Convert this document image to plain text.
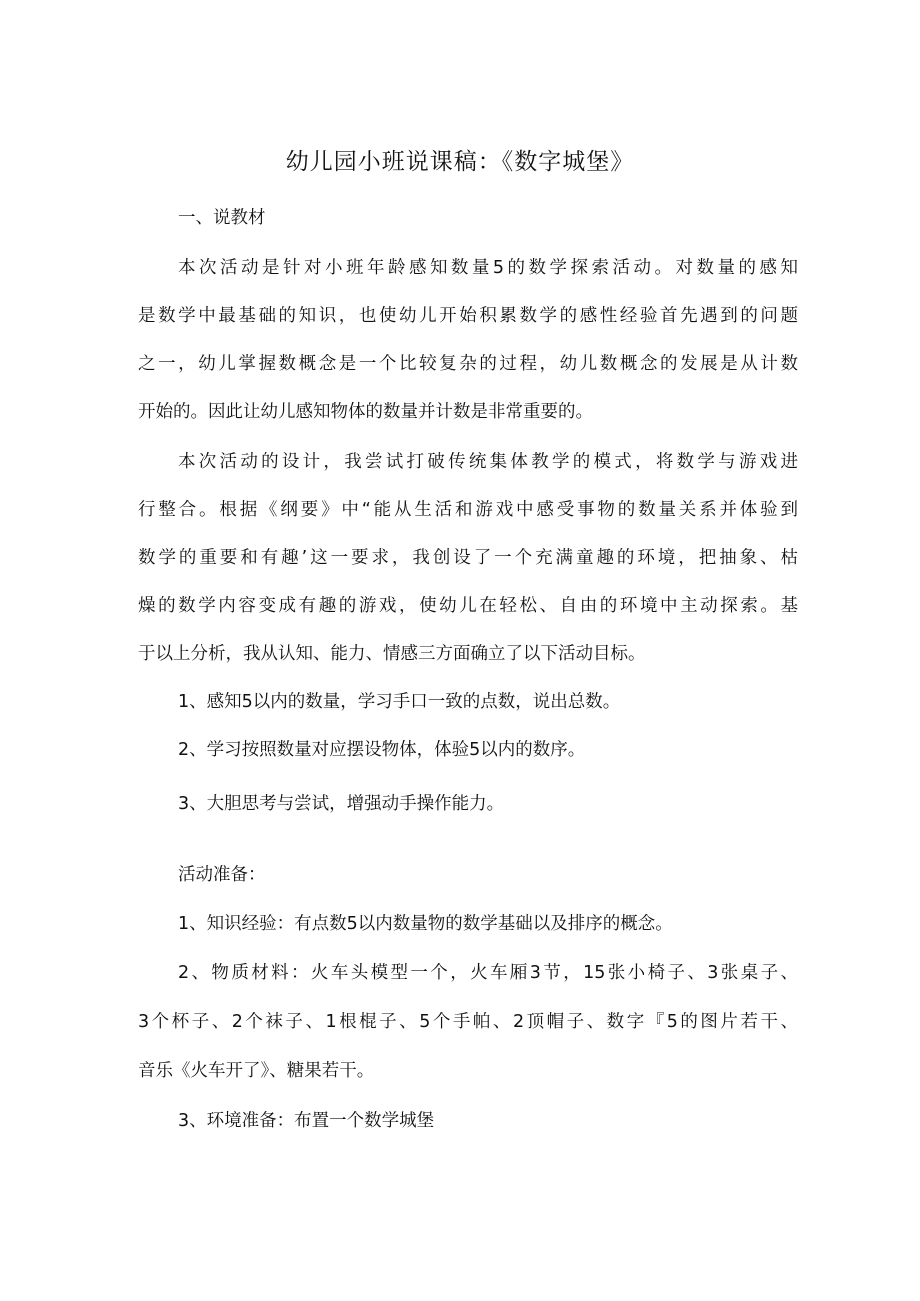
幼儿园小班说课稿：《数字城堡》
一、说教材
本次活动是针对小班年龄感知数量5的数学探索活动。对数量的感知
是数学中最基础的知识，也使幼儿开始积累数学的感性经验首先遇到的问题
之一，幼儿掌握数概念是一个比较复杂的过程，幼儿数概念的发展是从计数
开始的。因此让幼儿感知物体的数量并计数是非常重要的。
本次活动的设计，我尝试打破传统集体教学的模式，将数学与游戏进
行整合。根据《纲要》中“能从生活和游戏中感受事物的数量关系并体验到
数学的重要和有趣’这一要求，我创设了一个充满童趣的环境，把抽象、枯
燥的数学内容变成有趣的游戏，使幼儿在轻松、自由的环境中主动探索。基
于以上分析，我从认知、能力、情感三方面确立了以下活动目标。
1、感知5以内的数量，学习手口一致的点数，说出总数。
2、学习按照数量对应摆设物体，体验5以内的数序。
3、大胆思考与尝试，增强动手操作能力。
活动准备：
1、知识经验：有点数5以内数量物的数学基础以及排序的概念。
2、物质材料：火车头模型一个，火车厢3节，15张小椅子、3张桌子、
3个杯子、2个袜子、1根棍子、5个手帕、2顶帽子、数字『5的图片若干、
音乐《火车开了》、糖果若干。
3、环境准备：布置一个数学城堡
